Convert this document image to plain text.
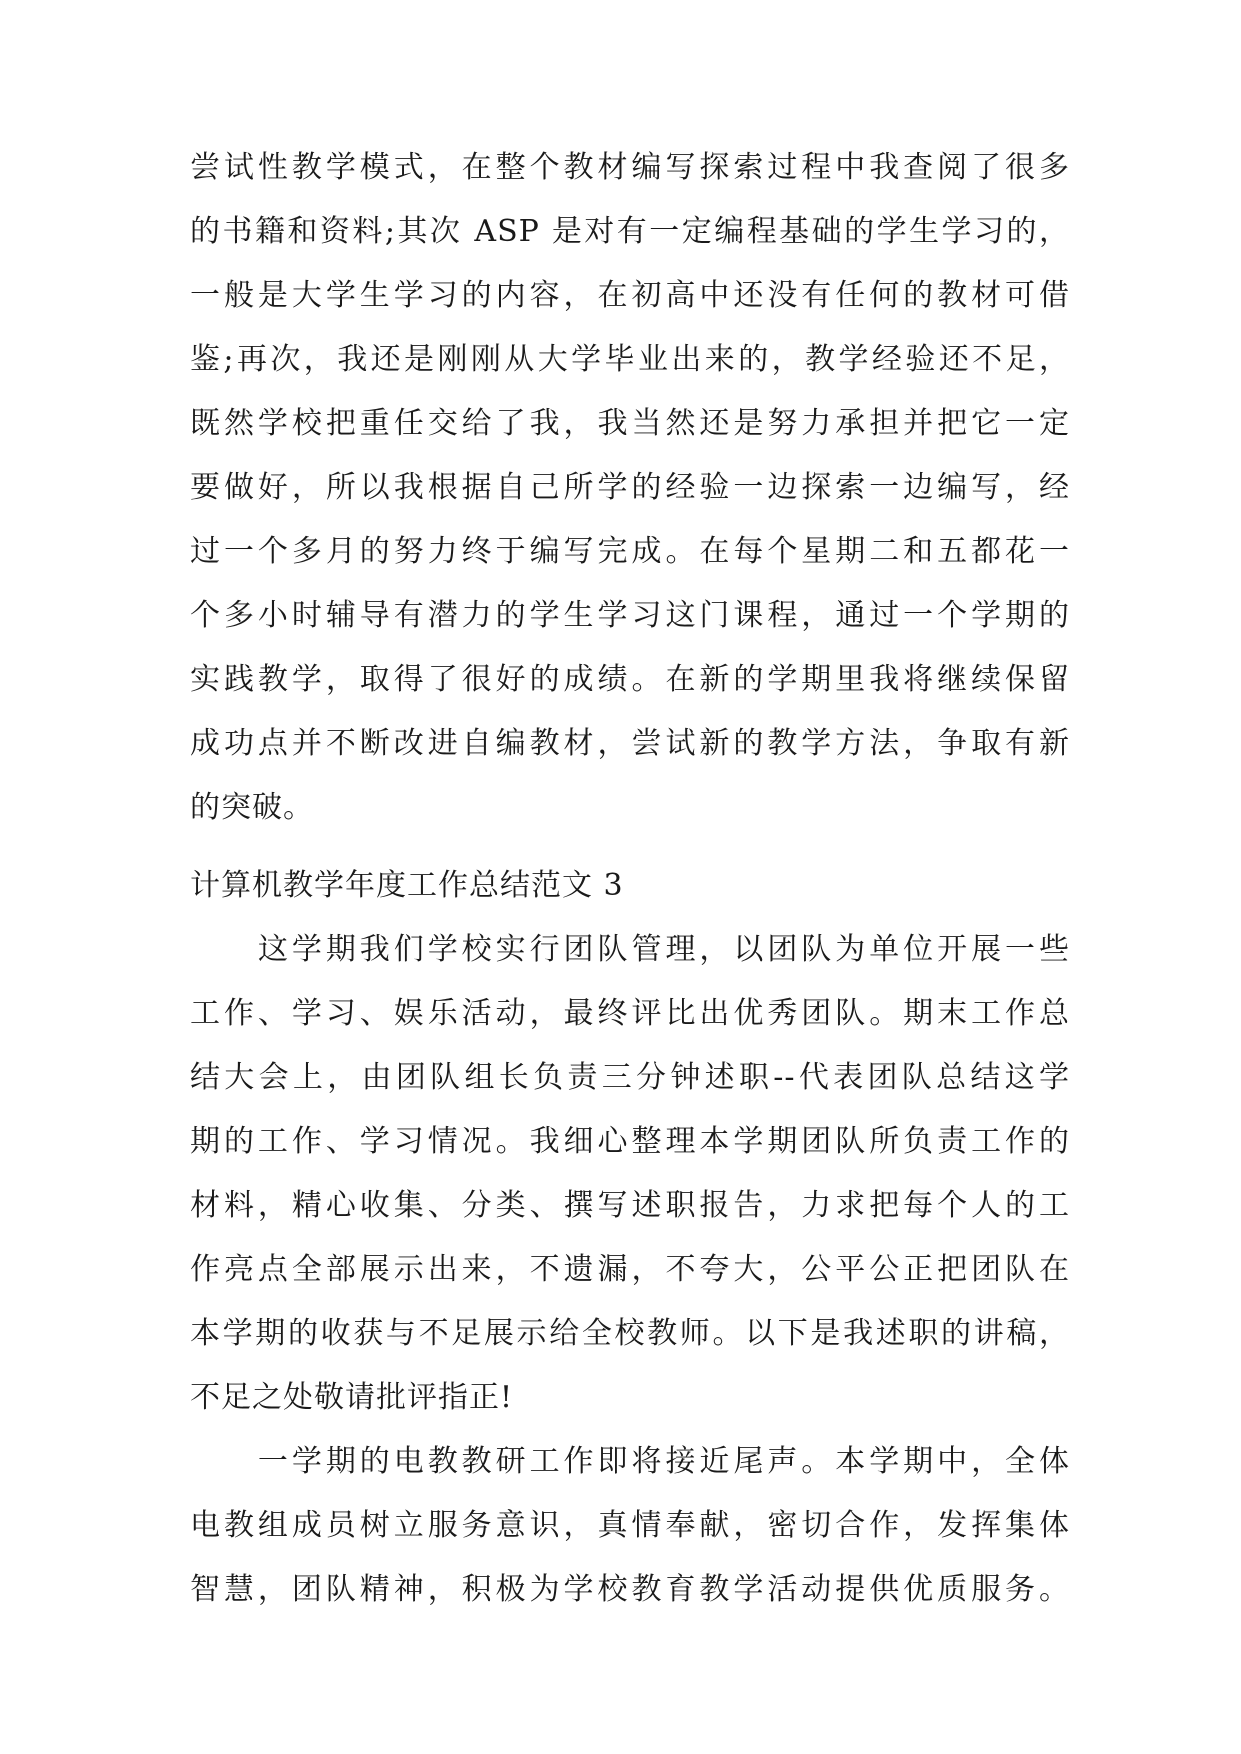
尝试性教学模式，在整个教材编写探索过程中我查阅了很多
的书籍和资料;其次 ASP 是对有一定编程基础的学生学习的，
一般是大学生学习的内容，在初高中还没有任何的教材可借
鉴;再次，我还是刚刚从大学毕业出来的，教学经验还不足，
既然学校把重任交给了我，我当然还是努力承担并把它一定
要做好，所以我根据自己所学的经验一边探索一边编写，经
过一个多月的努力终于编写完成。在每个星期二和五都花一
个多小时辅导有潜力的学生学习这门课程，通过一个学期的
实践教学，取得了很好的成绩。在新的学期里我将继续保留
成功点并不断改进自编教材，尝试新的教学方法，争取有新
的突破。
计算机教学年度工作总结范文 3
　　这学期我们学校实行团队管理，以团队为单位开展一些
工作、学习、娱乐活动，最终评比出优秀团队。期末工作总
结大会上，由团队组长负责三分钟述职--代表团队总结这学
期的工作、学习情况。我细心整理本学期团队所负责工作的
材料，精心收集、分类、撰写述职报告，力求把每个人的工
作亮点全部展示出来，不遗漏，不夸大，公平公正把团队在
本学期的收获与不足展示给全校教师。以下是我述职的讲稿，
不足之处敬请批评指正!
　　一学期的电教教研工作即将接近尾声。本学期中，全体
电教组成员树立服务意识，真情奉献，密切合作，发挥集体
智慧，团队精神，积极为学校教育教学活动提供优质服务。
